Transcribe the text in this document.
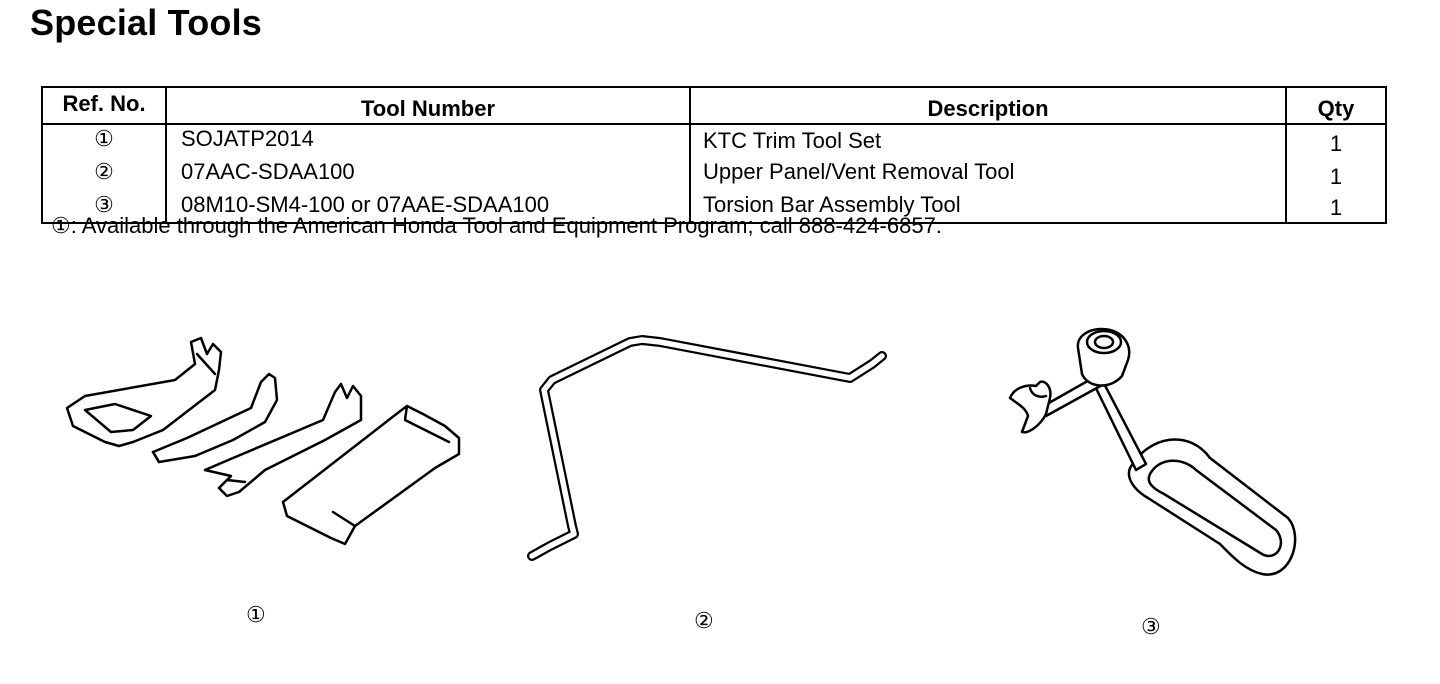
Special Tools
Ref. No.	Tool Number	Description	Qty
①	SOJATP2014	KTC Trim Tool Set	1
②	07AAC-SDAA100	Upper Panel/Vent Removal Tool	1
③	08M10-SM4-100 or 07AAE-SDAA100	Torsion Bar Assembly Tool	1

①: Available through the American Honda Tool and Equipment Program; call 888-424-6857.

①	②	③
